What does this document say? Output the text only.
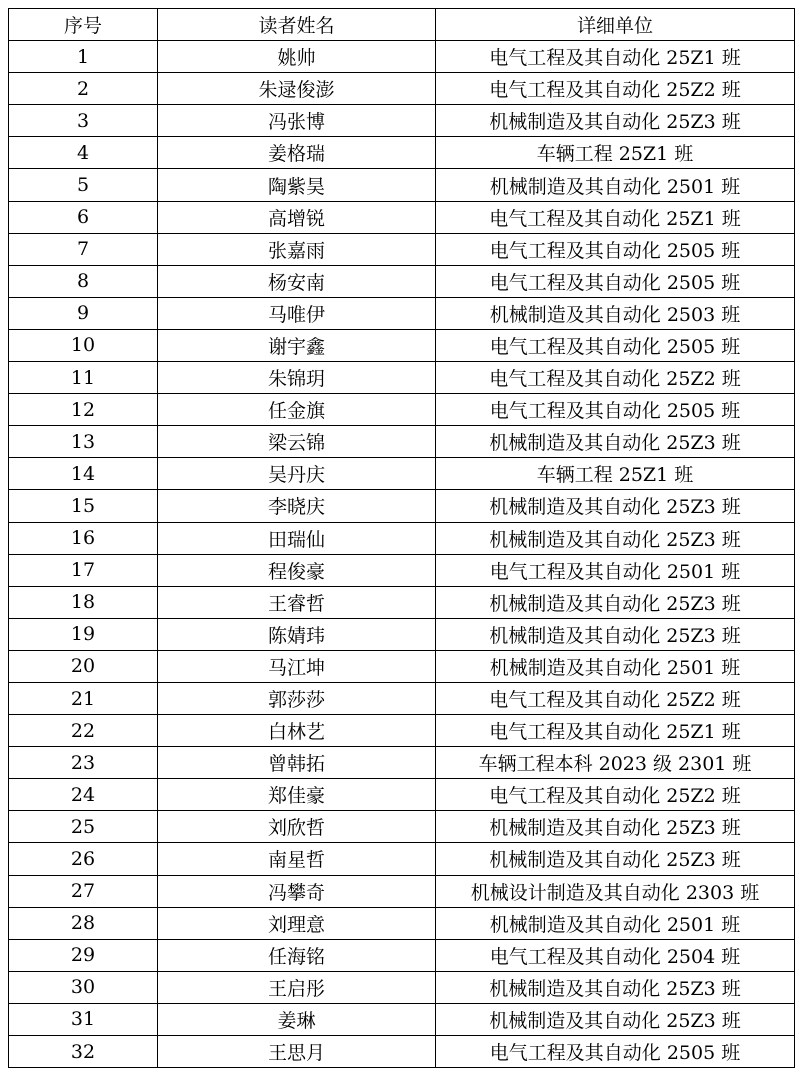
序号	读者姓名	详细单位
1	姚帅	电气工程及其自动化 25Z1 班
2	朱逯俊澎	电气工程及其自动化 25Z2 班
3	冯张博	机械制造及其自动化 25Z3 班
4	姜格瑞	车辆工程 25Z1 班
5	陶紫昊	机械制造及其自动化 2501 班
6	高增锐	电气工程及其自动化 25Z1 班
7	张嘉雨	电气工程及其自动化 2505 班
8	杨安南	电气工程及其自动化 2505 班
9	马唯伊	机械制造及其自动化 2503 班
10	谢宇鑫	电气工程及其自动化 2505 班
11	朱锦玥	电气工程及其自动化 25Z2 班
12	任金旗	电气工程及其自动化 2505 班
13	梁云锦	机械制造及其自动化 25Z3 班
14	吴丹庆	车辆工程 25Z1 班
15	李晓庆	机械制造及其自动化 25Z3 班
16	田瑞仙	机械制造及其自动化 25Z3 班
17	程俊豪	电气工程及其自动化 2501 班
18	王睿哲	机械制造及其自动化 25Z3 班
19	陈婧玮	机械制造及其自动化 25Z3 班
20	马江坤	机械制造及其自动化 2501 班
21	郭莎莎	电气工程及其自动化 25Z2 班
22	白林艺	电气工程及其自动化 25Z1 班
23	曾韩拓	车辆工程本科 2023 级 2301 班
24	郑佳豪	电气工程及其自动化 25Z2 班
25	刘欣哲	机械制造及其自动化 25Z3 班
26	南星哲	机械制造及其自动化 25Z3 班
27	冯攀奇	机械设计制造及其自动化 2303 班
28	刘理意	机械制造及其自动化 2501 班
29	任海铭	电气工程及其自动化 2504 班
30	王启彤	机械制造及其自动化 25Z3 班
31	姜琳	机械制造及其自动化 25Z3 班
32	王思月	电气工程及其自动化 2505 班
